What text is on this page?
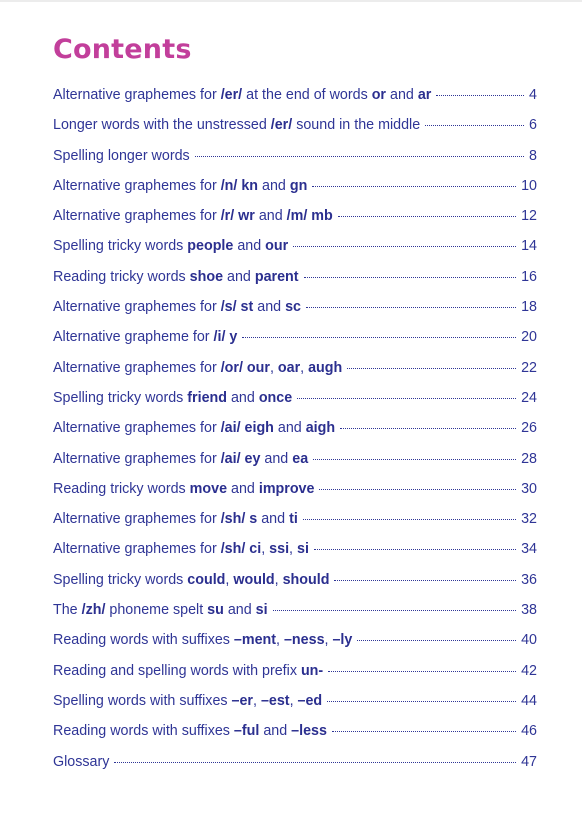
Contents
Alternative graphemes for /er/ at the end of words or and ar	4
Longer words with the unstressed /er/ sound in the middle	6
Spelling longer words	8
Alternative graphemes for /n/ kn and gn	10
Alternative graphemes for /r/ wr and /m/ mb	12
Spelling tricky words people and our	14
Reading tricky words shoe and parent	16
Alternative graphemes for /s/ st and sc	18
Alternative grapheme for /i/ y	20
Alternative graphemes for /or/ our, oar, augh	22
Spelling tricky words friend and once	24
Alternative graphemes for /ai/ eigh and aigh	26
Alternative graphemes for /ai/ ey and ea	28
Reading tricky words move and improve	30
Alternative graphemes for /sh/ s and ti	32
Alternative graphemes for /sh/ ci, ssi, si	34
Spelling tricky words could, would, should	36
The /zh/ phoneme spelt su and si	38
Reading words with suffixes –ment, –ness, –ly	40
Reading and spelling words with prefix un-	42
Spelling words with suffixes –er, –est, –ed	44
Reading words with suffixes –ful and –less	46
Glossary	47
